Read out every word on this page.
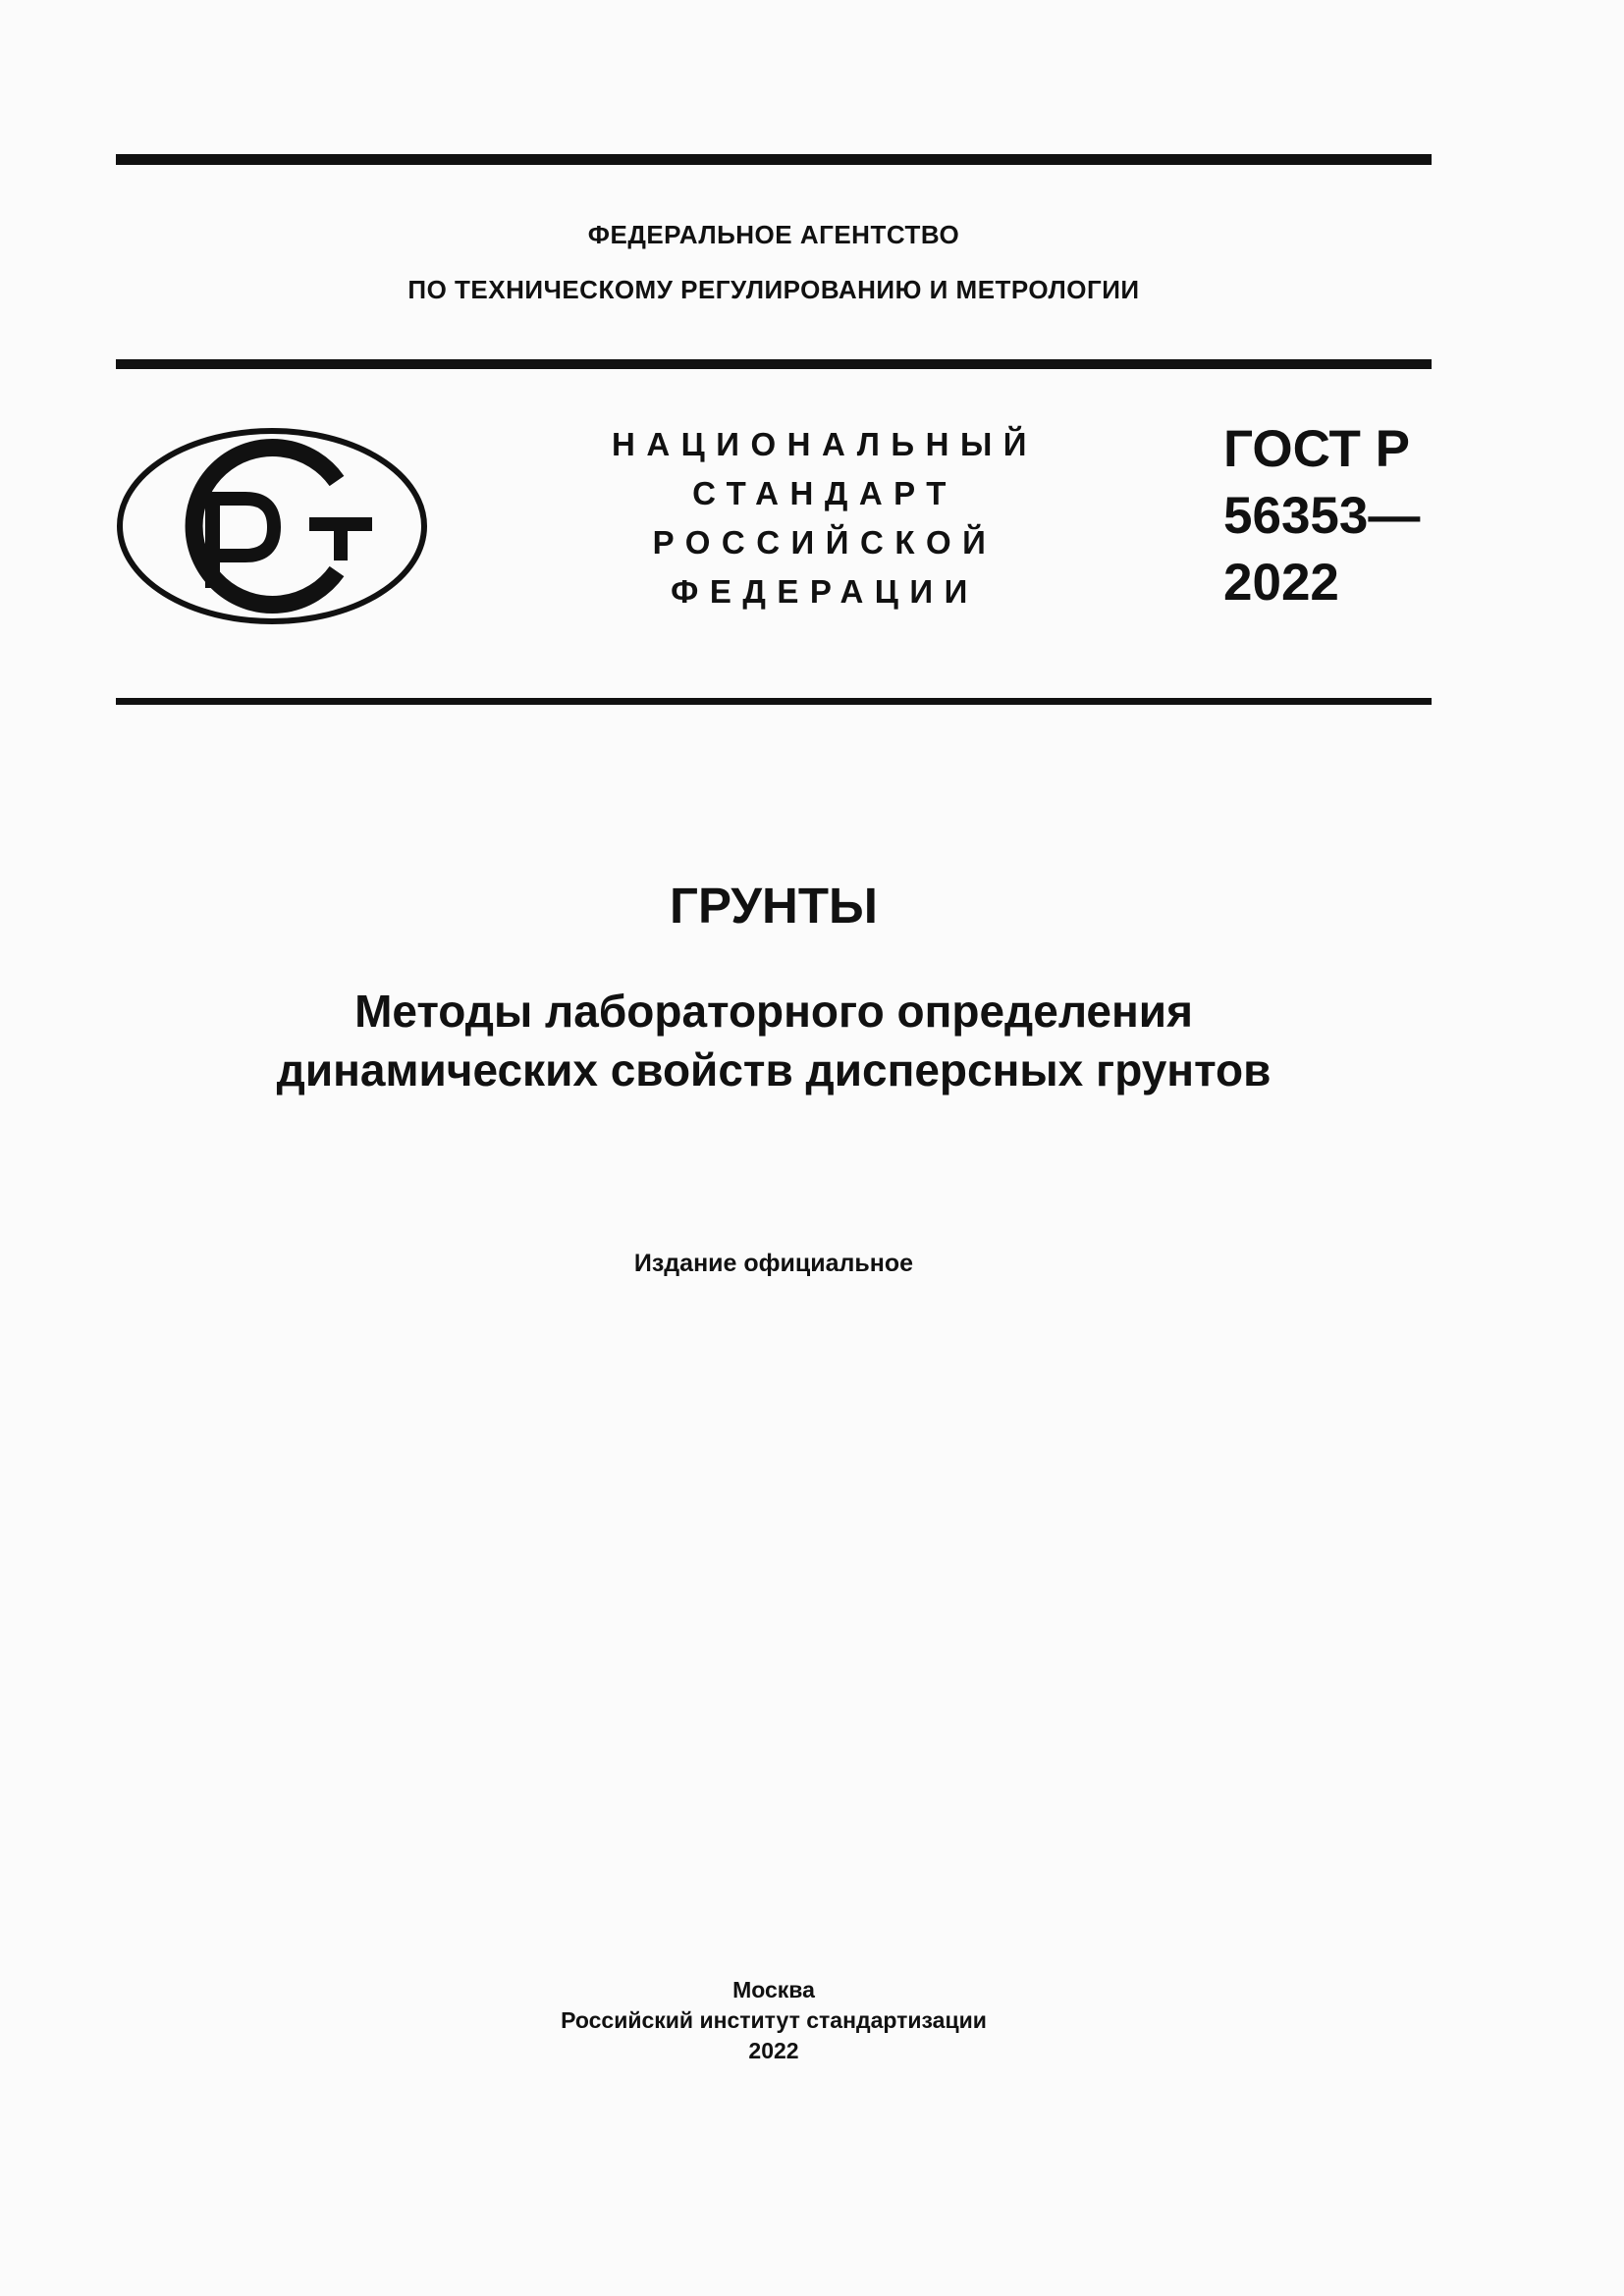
ФЕДЕРАЛЬНОЕ АГЕНТСТВО
ПО ТЕХНИЧЕСКОМУ РЕГУЛИРОВАНИЮ И МЕТРОЛОГИИ
НАЦИОНАЛЬНЫЙ
СТАНДАРТ
РОССИЙСКОЙ
ФЕДЕРАЦИИ
ГОСТ Р
56353—
2022
ГРУНТЫ
Методы лабораторного определения
динамических свойств дисперсных грунтов
Издание официальное
Москва
Российский институт стандартизации
2022
